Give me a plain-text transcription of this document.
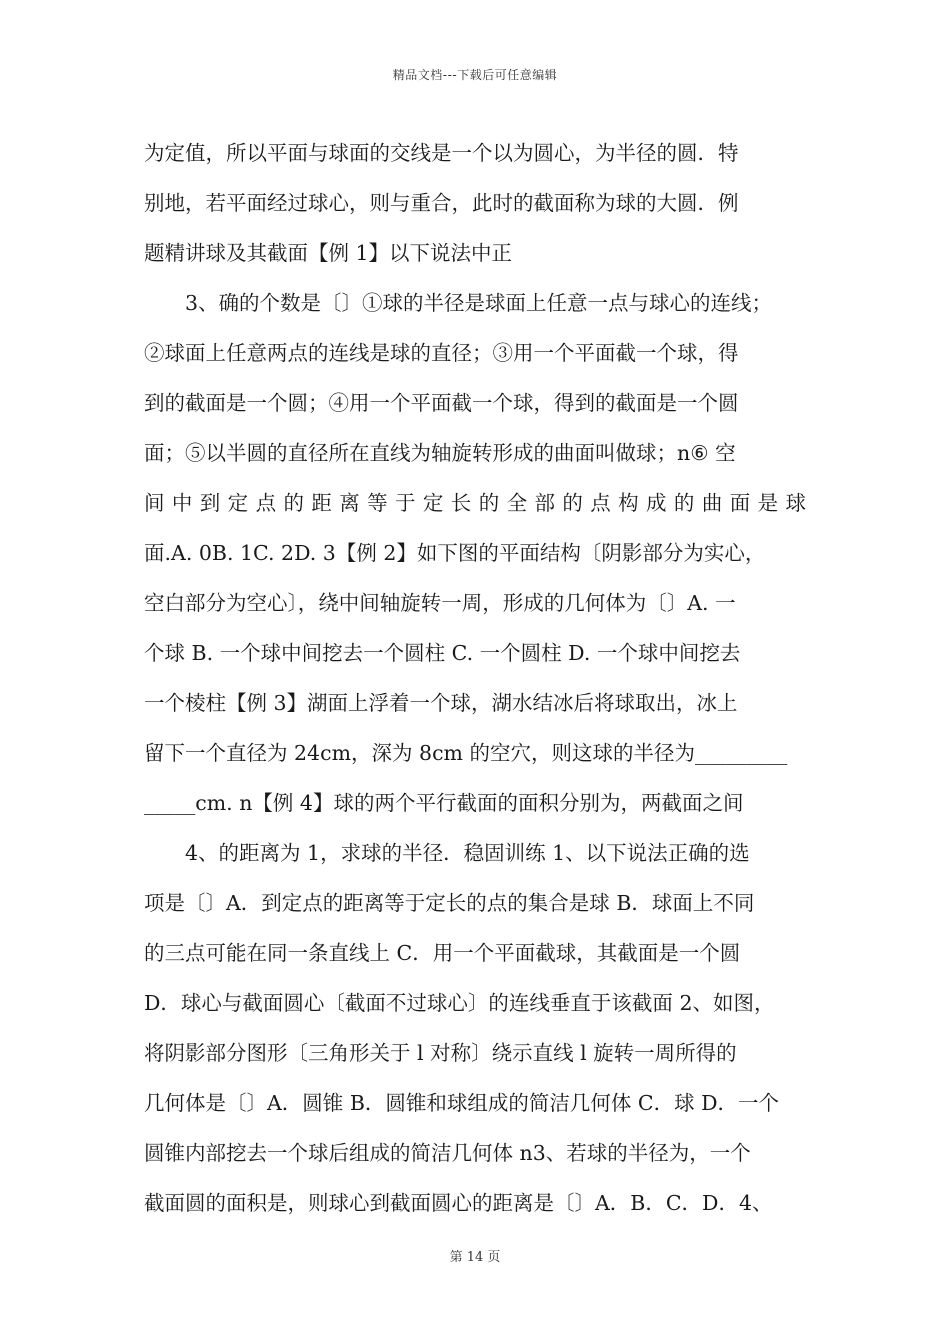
精品文档---下载后可任意编辑
为定值，所以平面与球面的交线是一个以为圆心，为半径的圆．特
别地，若平面经过球心，则与重合，此时的截面称为球的大圆．例
题精讲球及其截面【例 1】以下说法中正
3、确的个数是〔〕①球的半径是球面上任意一点与球心的连线；
②球面上任意两点的连线是球的直径；③用一个平面截一个球，得
到的截面是一个圆；④用一个平面截一个球，得到的截面是一个圆
面；⑤以半圆的直径所在直线为轴旋转形成的曲面叫做球；n⑥ 空
间中到定点的距离等于定长的全部的点构成的曲面是球
面.A. 0B. 1C. 2D. 3【例 2】如下图的平面结构〔阴影部分为实心，
空白部分为空心〕，绕中间轴旋转一周，形成的几何体为〔〕A. 一
个球 B. 一个球中间挖去一个圆柱 C. 一个圆柱 D. 一个球中间挖去
一个棱柱【例 3】湖面上浮着一个球，湖水结冰后将球取出，冰上
留下一个直径为 24cm，深为 8cm 的空穴，则这球的半径为_________
_____cm. n【例 4】球的两个平行截面的面积分别为，两截面之间
4、的距离为 1，求球的半径．稳固训练 1、以下说法正确的选
项是〔〕A．到定点的距离等于定长的点的集合是球 B．球面上不同
的三点可能在同一条直线上 C．用一个平面截球，其截面是一个圆
D．球心与截面圆心〔截面不过球心〕的连线垂直于该截面 2、如图，
将阴影部分图形〔三角形关于 l 对称〕绕示直线 l 旋转一周所得的
几何体是〔〕A．圆锥 B．圆锥和球组成的简洁几何体 C．球 D．一个
圆锥内部挖去一个球后组成的简洁几何体 n3、若球的半径为，一个
截面圆的面积是，则球心到截面圆心的距离是〔〕A．B．C．D．4、
第 14 页
